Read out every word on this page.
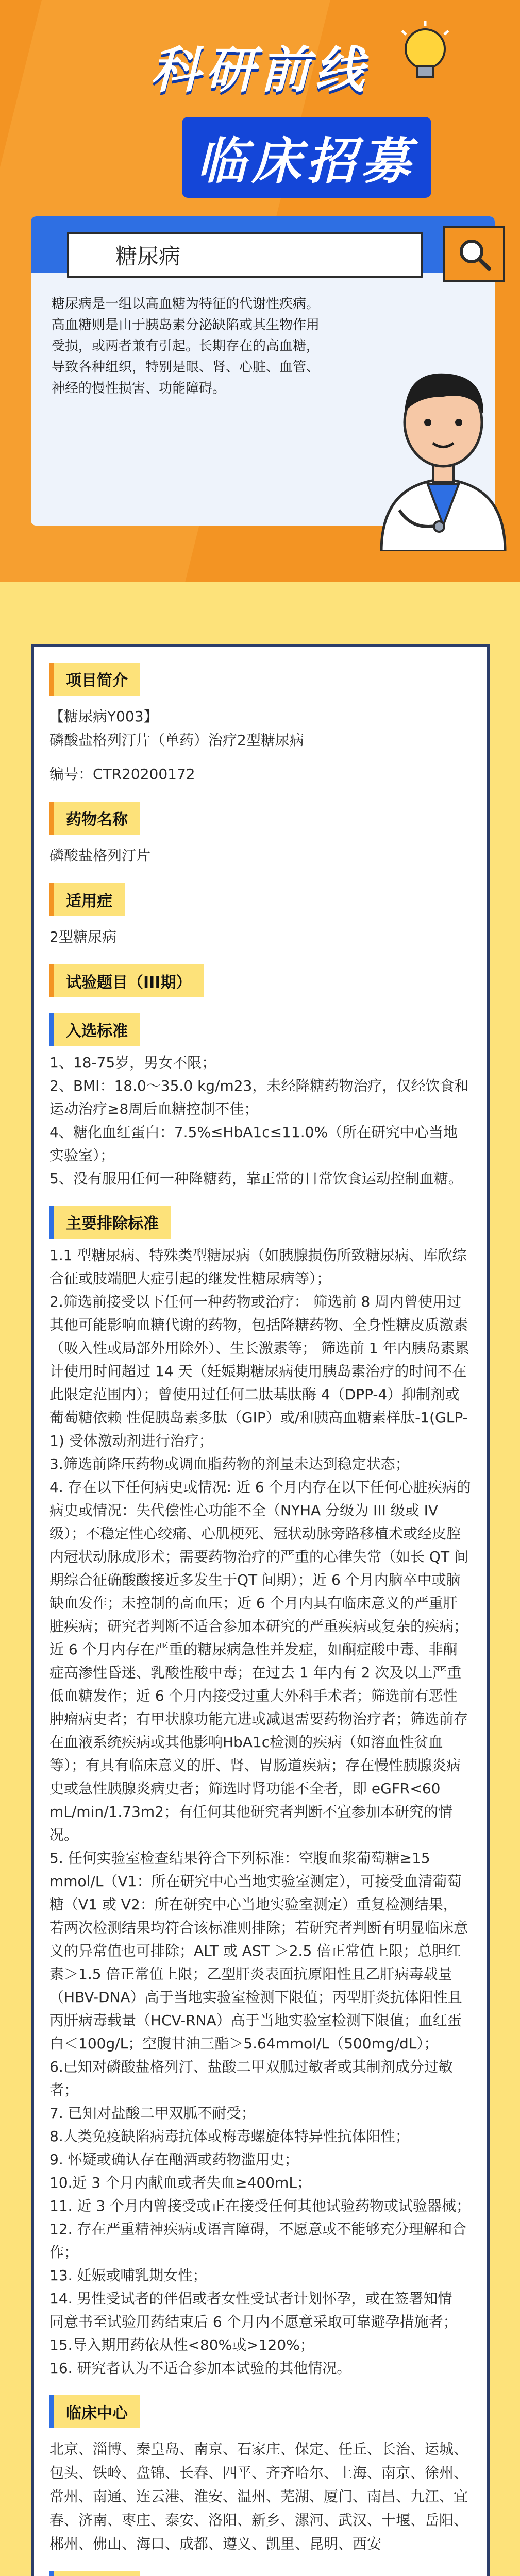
科研前线
临床招募
糖尿病
糖尿病是一组以高血糖为特征的代谢性疾病。高血糖则是由于胰岛素分泌缺陷或其生物作用受损，或两者兼有引起。长期存在的高血糖，导致各种组织，特别是眼、肾、心脏、血管、神经的慢性损害、功能障碍。
项目简介
【糖尿病Y003】
磷酸盐格列汀片（单药）治疗2型糖尿病
编号：CTR20200172
药物名称
磷酸盐格列汀片
适用症
2型糖尿病
试验题目（III期）
入选标准
1、18-75岁，男女不限；
2、BMI：18.0～35.0 kg/m23，未经降糖药物治疗，仅经饮食和运动治疗≥8周后血糖控制不佳；
4、糖化血红蛋白：7.5%≤HbA1c≤11.0%（所在研究中心当地实验室）；
5、没有服用任何一种降糖药，靠正常的日常饮食运动控制血糖。
主要排除标准
1.1 型糖尿病、特殊类型糖尿病（如胰腺损伤所致糖尿病、库欣综合征或肢端肥大症引起的继发性糖尿病等）；
2.筛选前接受以下任何一种药物或治疗： 筛选前 8 周内曾使用过其他可能影响血糖代谢的药物，包括降糖药物、全身性糖皮质激素（吸入性或局部外用除外）、生长激素等； 筛选前 1 年内胰岛素累计使用时间超过 14 天（妊娠期糖尿病使用胰岛素治疗的时间不在此限定范围内）；曾使用过任何二肽基肽酶 4（DPP-4）抑制剂或葡萄糖依赖 性促胰岛素多肽（GIP）或/和胰高血糖素样肽-1(GLP-1) 受体激动剂进行治疗；
3.筛选前降压药物或调血脂药物的剂量未达到稳定状态；
4. 存在以下任何病史或情况: 近 6 个月内存在以下任何心脏疾病的病史或情况：失代偿性心功能不全（NYHA 分级为 III 级或 IV 级）；不稳定性心绞痛、心肌梗死、冠状动脉旁路移植术或经皮腔内冠状动脉成形术；需要药物治疗的严重的心律失常（如长 QT 间期综合征确酸酸接近多发生于QT 间期）；近 6 个月内脑卒中或脑缺血发作；未控制的高血压；近 6 个月内具有临床意义的严重肝脏疾病；研究者判断不适合参加本研究的严重疾病或复杂的疾病；近 6 个月内存在严重的糖尿病急性并发症，如酮症酸中毒、非酮症高渗性昏迷、乳酸性酸中毒；在过去 1 年内有 2 次及以上严重低血糖发作；近 6 个月内接受过重大外科手术者；筛选前有恶性肿瘤病史者；有甲状腺功能亢进或减退需要药物治疗者；筛选前存在血液系统疾病或其他影响HbA1c检测的疾病（如溶血性贫血等）；有具有临床意义的肝、肾、胃肠道疾病；存在慢性胰腺炎病史或急性胰腺炎病史者；筛选时肾功能不全者，即 eGFR<60 mL/min/1.73m2；有任何其他研究者判断不宜参加本研究的情况。
5. 任何实验室检查结果符合下列标准：空腹血浆葡萄糖≥15 mmol/L（V1：所在研究中心当地实验室测定），可接受血清葡萄糖（V1 或 V2：所在研究中心当地实验室测定）重复检测结果，若两次检测结果均符合该标准则排除；若研究者判断有明显临床意义的异常值也可排除；ALT 或 AST ＞2.5 倍正常值上限；总胆红素＞1.5 倍正常值上限；乙型肝炎表面抗原阳性且乙肝病毒载量（HBV-DNA）高于当地实验室检测下限值；丙型肝炎抗体阳性且丙肝病毒载量（HCV-RNA）高于当地实验室检测下限值；血红蛋白＜100g/L；空腹甘油三酯＞5.64mmol/L（500mg/dL）；
6.已知对磷酸盐格列汀、盐酸二甲双胍过敏者或其制剂成分过敏者；
7. 已知对盐酸二甲双胍不耐受；
8.人类免疫缺陷病毒抗体或梅毒螺旋体特异性抗体阳性；
9. 怀疑或确认存在酗酒或药物滥用史；
10.近 3 个月内献血或者失血≥400mL；
11. 近 3 个月内曾接受或正在接受任何其他试验药物或试验器械；
12. 存在严重精神疾病或语言障碍，不愿意或不能够充分理解和合作；
13. 妊娠或哺乳期女性；
14. 男性受试者的伴侣或者女性受试者计划怀孕，或在签署知情 同意书至试验用药结束后 6 个月内不愿意采取可靠避孕措施者；
15.导入期用药依从性<80%或>120%；
16. 研究者认为不适合参加本试验的其他情况。
临床中心
北京、淄博、秦皇岛、南京、石家庄、保定、任丘、长治、运城、包头、铁岭、盘锦、长春、四平、齐齐哈尔、上海、南京、徐州、常州、南通、连云港、淮安、温州、芜湖、厦门、南昌、九江、宜春、济南、枣庄、泰安、洛阳、新乡、漯河、武汉、十堰、岳阳、郴州、佛山、海口、成都、遵义、凯里、昆明、西安
